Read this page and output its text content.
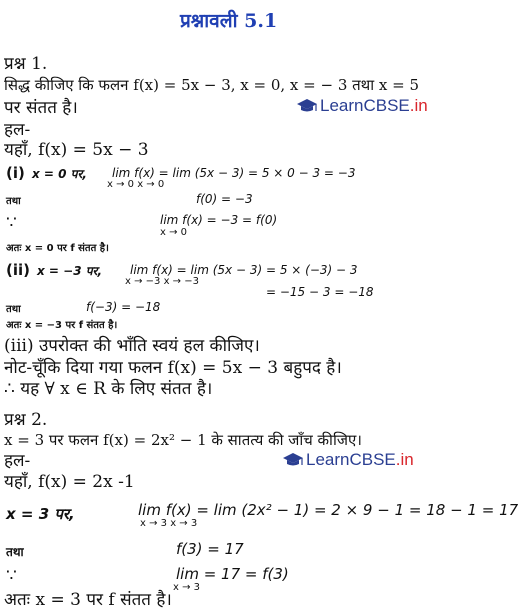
प्रश्नावली 5.1
प्रश्न 1.
सिद्ध कीजिए कि फलन f(x) = 5x − 3, x = 0, x = − 3 तथा x = 5
पर संतत है।	LearnCBSE.in
हल-
यहाँ, f(x) = 5x − 3
(i) x = 0 पर, lim f(x) = lim (5x − 3) = 5 × 0 − 3 = −3
x → 0 x → 0
तथा	f(0) = −3
∵	lim f(x) = −3 = f(0)
x → 0
अतः x = 0 पर f संतत है।
(ii) x = −3 पर, lim f(x) = lim (5x − 3) = 5 × (−3) − 3
x → −3 x → −3
= −15 − 3 = −18
तथा	f(−3) = −18
अतः x = −3 पर f संतत है।
(iii) उपरोक्त की भाँति स्वयं हल कीजिए।
नोट-चूँकि दिया गया फलन f(x) = 5x − 3 बहुपद है।
∴ यह ∀ x ∈ R के लिए संतत है।
प्रश्न 2.
x = 3 पर फलन f(x) = 2x² − 1 के सातत्य की जाँच कीजिए।
हल-	LearnCBSE.in
यहाँ, f(x) = 2x -1
x = 3 पर,	lim f(x) = lim (2x² − 1) = 2 × 9 − 1 = 18 − 1 = 17
x → 3 x → 3
तथा	f(3) = 17
∵	lim = 17 = f(3)
x → 3
अतः x = 3 पर f संतत है।
